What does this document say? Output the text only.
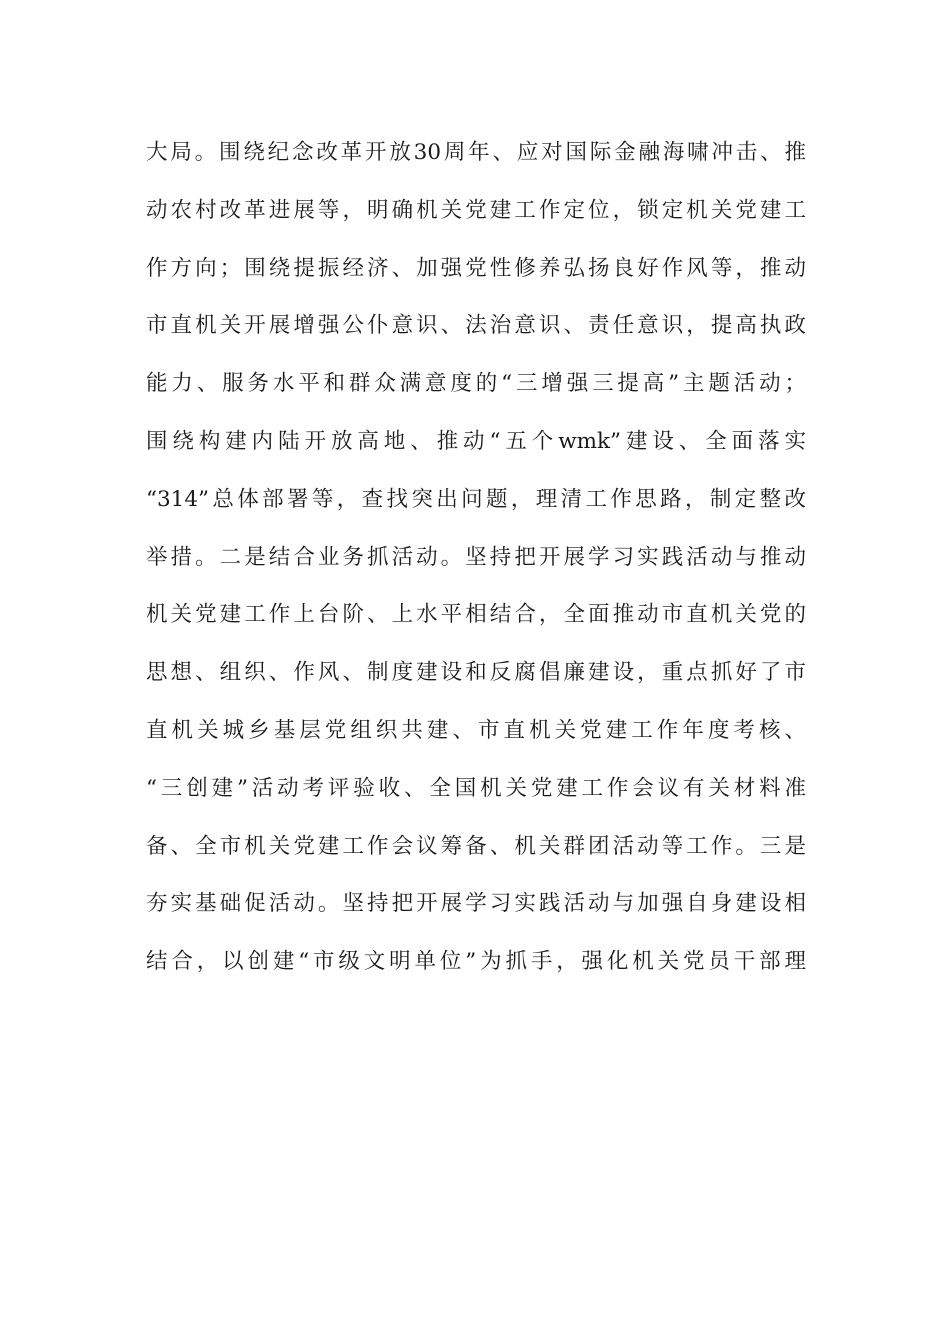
大局。围绕纪念改革开放30周年、应对国际金融海啸冲击、推
动农村改革进展等，明确机关党建工作定位，锁定机关党建工
作方向；围绕提振经济、加强党性修养弘扬良好作风等，推动
市直机关开展增强公仆意识、法治意识、责任意识，提高执政
能力、服务水平和群众满意度的“三增强三提高”主题活动；
围绕构建内陆开放高地、推动“五个wmk”建设、全面落实
“314”总体部署等，查找突出问题，理清工作思路，制定整改
举措。二是结合业务抓活动。坚持把开展学习实践活动与推动
机关党建工作上台阶、上水平相结合，全面推动市直机关党的
思想、组织、作风、制度建设和反腐倡廉建设，重点抓好了市
直机关城乡基层党组织共建、市直机关党建工作年度考核、
“三创建”活动考评验收、全国机关党建工作会议有关材料准
备、全市机关党建工作会议筹备、机关群团活动等工作。三是
夯实基础促活动。坚持把开展学习实践活动与加强自身建设相
结合，以创建“市级文明单位”为抓手，强化机关党员干部理
